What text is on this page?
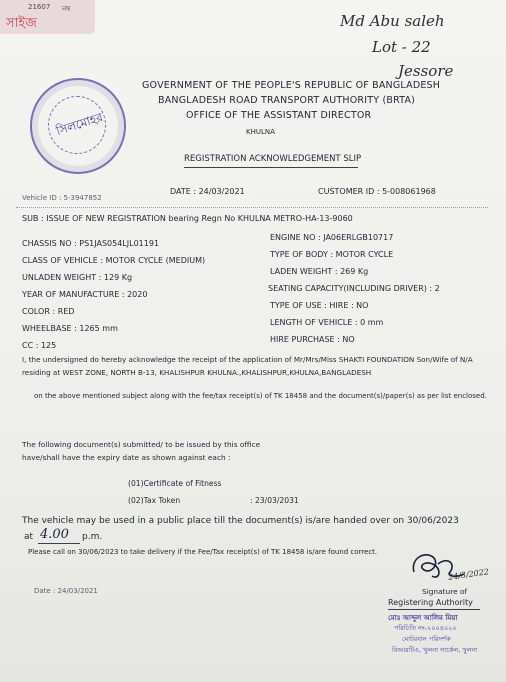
21607 নম্ব
সাইজ	Md Abu saleh
Lot - 22
Jessore
সিলমোহর
GOVERNMENT OF THE PEOPLE'S REPUBLIC OF BANGLADESH
BANGLADESH ROAD TRANSPORT AUTHORITY (BRTA)
OFFICE OF THE ASSISTANT DIRECTOR
KHULNA
REGISTRATION ACKNOWLEDGEMENT SLIP
Vehicle ID : 5-3947852
DATE : 24/03/2021	CUSTOMER ID : 5-008061968
SUB : ISSUE OF NEW REGISTRATION bearing Regn No KHULNA METRO-HA-13-9060
CHASSIS NO : PS1JAS054LJL01191
CLASS OF VEHICLE : MOTOR CYCLE (MEDIUM)
UNLADEN WEIGHT : 129 Kg
YEAR OF MANUFACTURE : 2020
COLOR : RED
WHEELBASE : 1265 mm
CC : 125
ENGINE NO : JA06ERLGB10717
TYPE OF BODY : MOTOR CYCLE
LADEN WEIGHT : 269 Kg
SEATING CAPACITY(INCLUDING DRIVER) : 2
TYPE OF USE : HIRE : NO
LENGTH OF VEHICLE : 0 mm
HIRE PURCHASE : NO
I, the undersigned do hereby acknowledge the receipt of the application of Mr/Mrs/Miss SHAKTI FOUNDATION Son/Wife of N/A
residing at WEST ZONE, NORTH B-13, KHALISHPUR KHULNA.,KHALISHPUR,KHULNA,BANGLADESH
on the above mentioned subject along with the fee/tax receipt(s) of TK 18458 and the document(s)/paper(s) as per list enclosed.
The following document(s) submitted/ to be issued by this office
have/shall have the expiry date as shown against each :
(01)Certificate of Fitness
(02)Tax Token	: 23/03/2031
The vehicle may be used in a public place till the document(s) is/are handed over on 30/06/2023
at 4.00 p.m.
Please call on 30/06/2023 to take delivery if the Fee/Tax receipt(s) of TK 18458 is/are found correct.
24/3/2022
Date : 24/03/2021	Signature of
Registering Authority
মোঃ আব্দুল আলিম মিয়া
পরিচিতি নং-২০০৪০২০
মোটরযান পরিদর্শক
বিআরটিএ, খুলনা সার্কেল, খুলনা
